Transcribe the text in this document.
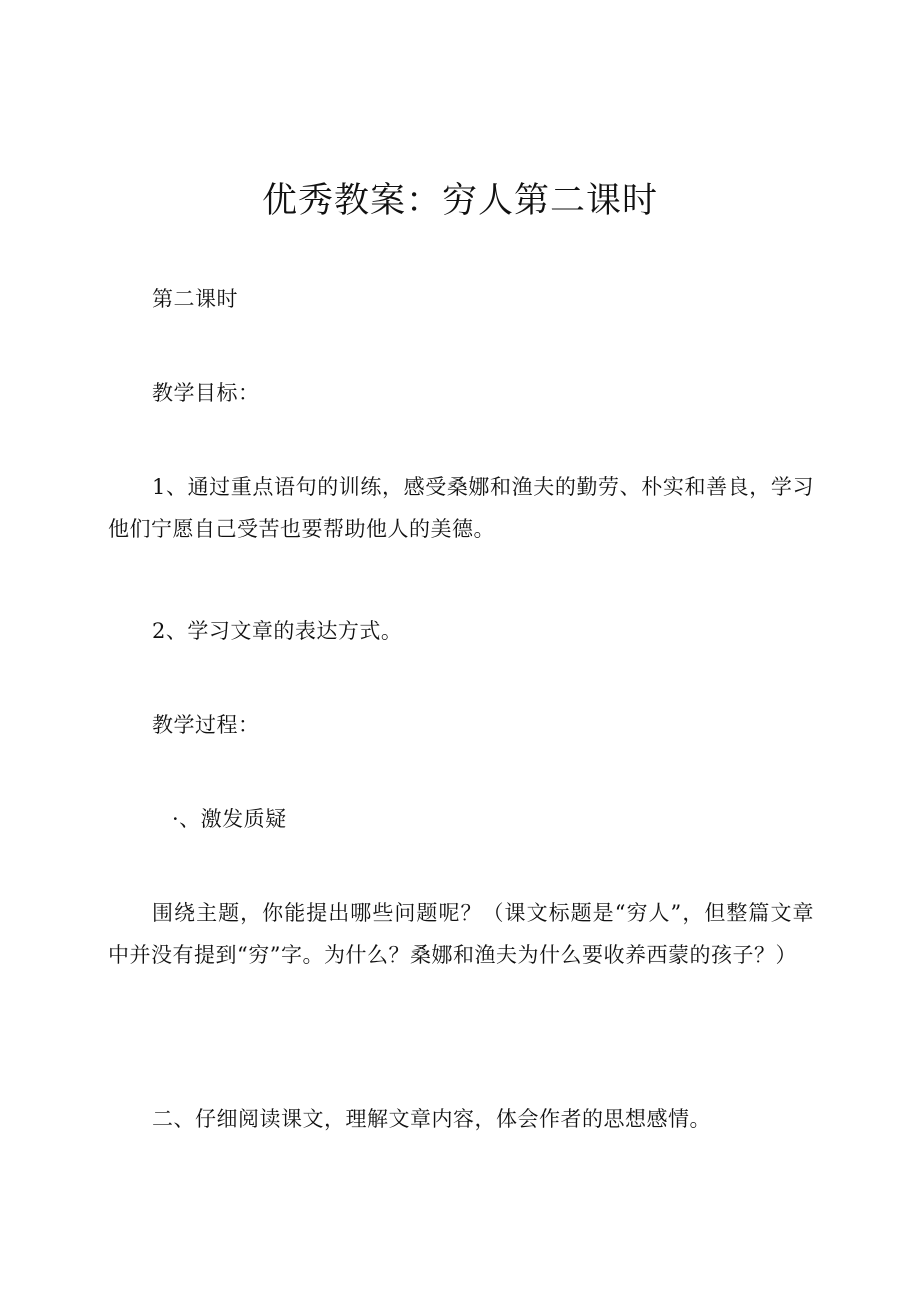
优秀教案：穷人第二课时
第二课时
教学目标：
1、通过重点语句的训练，感受桑娜和渔夫的勤劳、朴实和善良，学习他们宁愿自己受苦也要帮助他人的美德。
2、学习文章的表达方式。
教学过程：
·、激发质疑
围绕主题，你能提出哪些问题呢？（课文标题是“穷人”，但整篇文章中并没有提到“穷”字。为什么？桑娜和渔夫为什么要收养西蒙的孩子？）
二、仔细阅读课文，理解文章内容，体会作者的思想感情。
